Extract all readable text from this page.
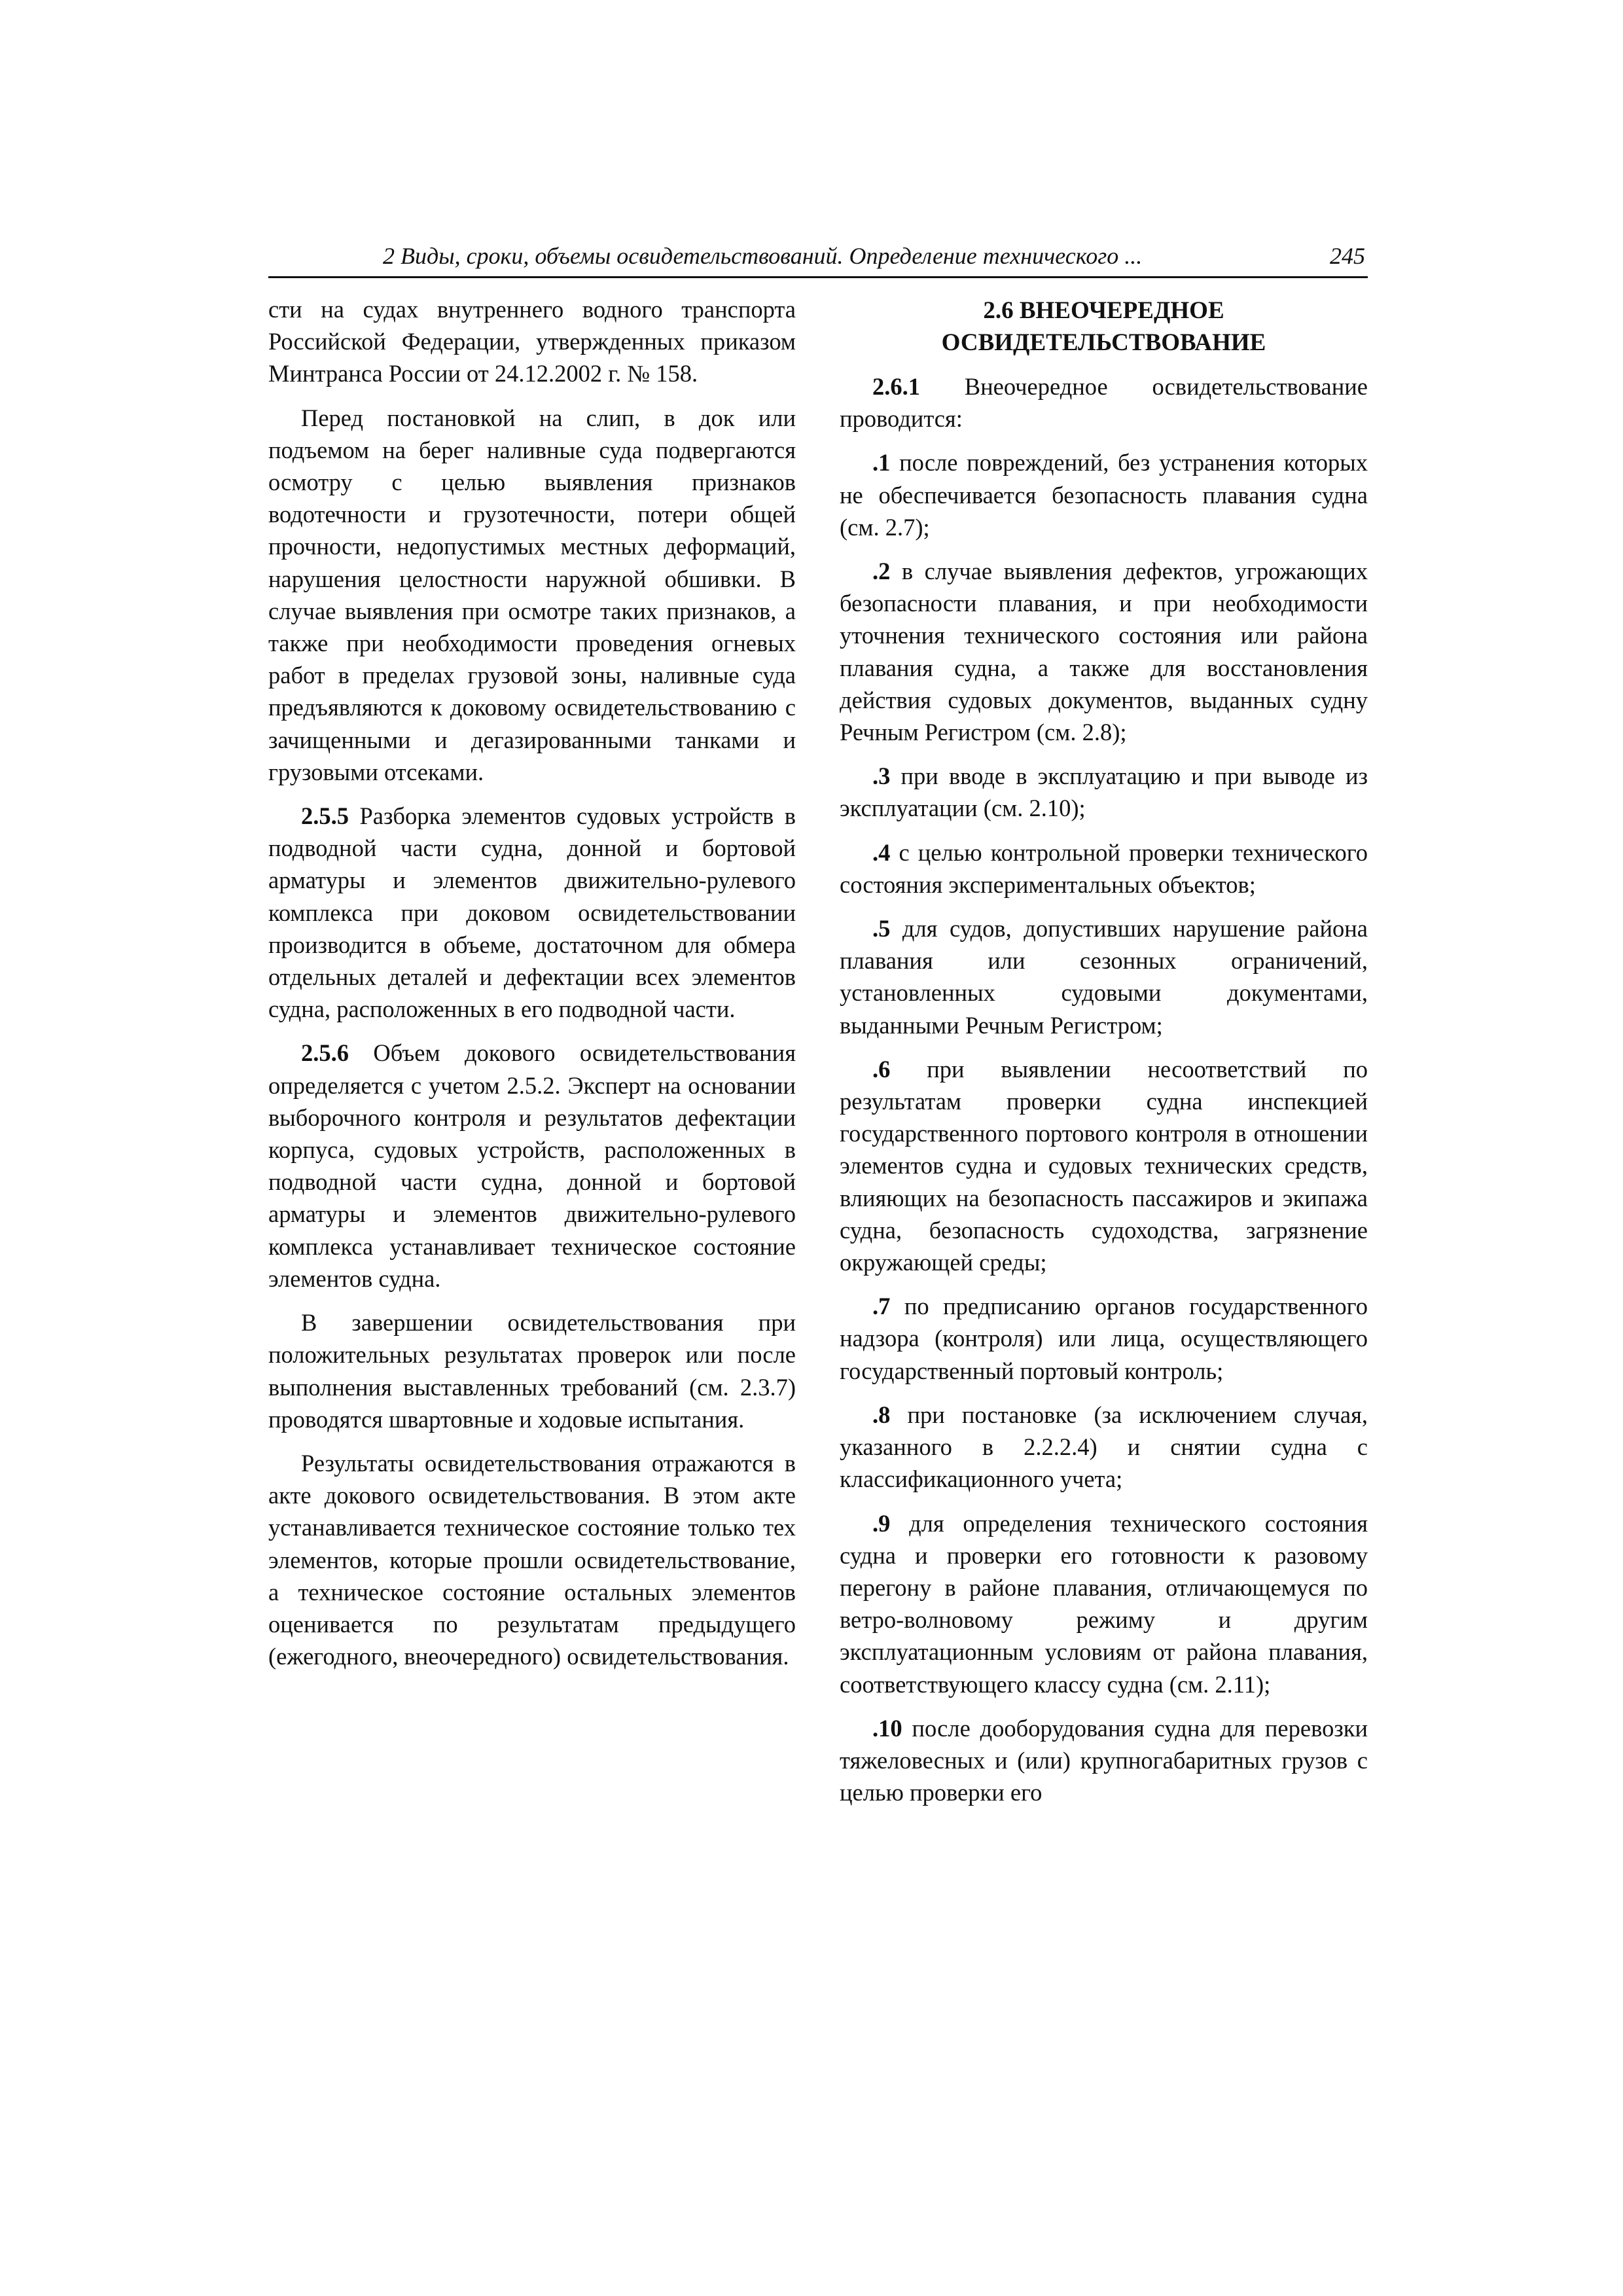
2 Виды, сроки, объемы освидетельствований. Определение технического ...	245

сти на судах внутреннего водного транспорта Российской Федерации, утвержденных приказом Минтранса России от 24.12.2002 г. № 158.

Перед постановкой на слип, в док или подъемом на берег наливные суда подвергаются осмотру с целью выявления признаков водотечности и грузотечности, потери общей прочности, недопустимых местных деформаций, нарушения целостности наружной обшивки. В случае выявления при осмотре таких признаков, а также при необходимости проведения огневых работ в пределах грузовой зоны, наливные суда предъявляются к доковому освидетельствованию с зачищенными и дегазированными танками и грузовыми отсеками.

2.5.5 Разборка элементов судовых устройств в подводной части судна, донной и бортовой арматуры и элементов движительно-рулевого комплекса при доковом освидетельствовании производится в объеме, достаточном для обмера отдельных деталей и дефектации всех элементов судна, расположенных в его подводной части.

2.5.6 Объем докового освидетельствования определяется с учетом 2.5.2. Эксперт на основании выборочного контроля и результатов дефектации корпуса, судовых устройств, расположенных в подводной части судна, донной и бортовой арматуры и элементов движительно-рулевого комплекса устанавливает техническое состояние элементов судна.

В завершении освидетельствования при положительных результатах проверок или после выполнения выставленных требований (см. 2.3.7) проводятся швартовные и ходовые испытания.

Результаты освидетельствования отражаются в акте докового освидетельствования. В этом акте устанавливается техническое состояние только тех элементов, которые прошли освидетельствование, а техническое состояние остальных элементов оценивается по результатам предыдущего (ежегодного, внеочередного) освидетельствования.

2.6 ВНЕОЧЕРЕДНОЕ
ОСВИДЕТЕЛЬСТВОВАНИЕ

2.6.1 Внеочередное освидетельствование проводится:

.1 после повреждений, без устранения которых не обеспечивается безопасность плавания судна (см. 2.7);

.2 в случае выявления дефектов, угрожающих безопасности плавания, и при необходимости уточнения технического состояния или района плавания судна, а также для восстановления действия судовых документов, выданных судну Речным Регистром (см. 2.8);

.3 при вводе в эксплуатацию и при выводе из эксплуатации (см. 2.10);

.4 с целью контрольной проверки технического состояния экспериментальных объектов;

.5 для судов, допустивших нарушение района плавания или сезонных ограничений, установленных судовыми документами, выданными Речным Регистром;

.6 при выявлении несоответствий по результатам проверки судна инспекцией государственного портового контроля в отношении элементов судна и судовых технических средств, влияющих на безопасность пассажиров и экипажа судна, безопасность судоходства, загрязнение окружающей среды;

.7 по предписанию органов государственного надзора (контроля) или лица, осуществляющего государственный портовый контроль;

.8 при постановке (за исключением случая, указанного в 2.2.2.4) и снятии судна с классификационного учета;

.9 для определения технического состояния судна и проверки его готовности к разовому перегону в районе плавания, отличающемуся по ветро-волновому режиму и другим эксплуатационным условиям от района плавания, соответствующего классу судна (см. 2.11);

.10 после дооборудования судна для перевозки тяжеловесных и (или) крупногабаритных грузов с целью проверки его
